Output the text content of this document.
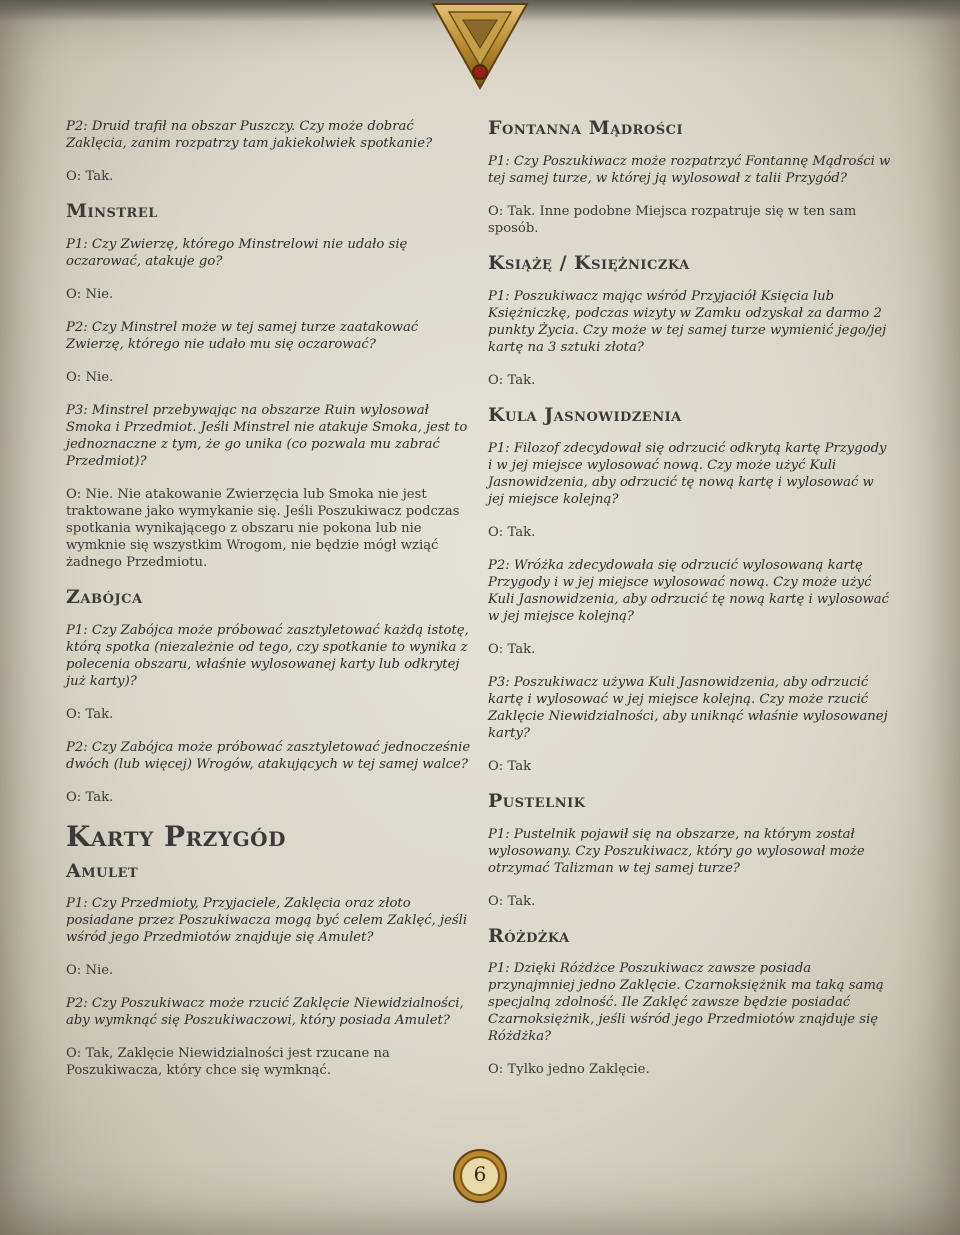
P2: Druid trafił na obszar Puszczy. Czy może dobrać Zaklęcia, zanim rozpatrzy tam jakiekolwiek spotkanie?

O: Tak.

Minstrel

P1: Czy Zwierzę, którego Minstrelowi nie udało się oczarować, atakuje go?

O: Nie.

P2: Czy Minstrel może w tej samej turze zaatakować Zwierzę, którego nie udało mu się oczarować?

O: Nie.

P3: Minstrel przebywając na obszarze Ruin wylosował Smoka i Przedmiot. Jeśli Minstrel nie atakuje Smoka, jest to jednoznaczne z tym, że go unika (co pozwala mu zabrać Przedmiot)?

O: Nie. Nie atakowanie Zwierzęcia lub Smoka nie jest traktowane jako wymykanie się. Jeśli Poszukiwacz podczas spotkania wynikającego z obszaru nie pokona lub nie wymknie się wszystkim Wrogom, nie będzie mógł wziąć żadnego Przedmiotu.

Zabójca

P1: Czy Zabójca może próbować zasztyletować każdą istotę, którą spotka (niezależnie od tego, czy spotkanie to wynika z polecenia obszaru, właśnie wylosowanej karty lub odkrytej już karty)?

O: Tak.

P2: Czy Zabójca może próbować zasztyletować jednocześnie dwóch (lub więcej) Wrogów, atakujących w tej samej walce?

O: Tak.

Karty Przygód
Amulet

P1: Czy Przedmioty, Przyjaciele, Zaklęcia oraz złoto posiadane przez Poszukiwacza mogą być celem Zaklęć, jeśli wśród jego Przedmiotów znajduje się Amulet?

O: Nie.

P2: Czy Poszukiwacz może rzucić Zaklęcie Niewidzialności, aby wymknąć się Poszukiwaczowi, który posiada Amulet?

O: Tak, Zaklęcie Niewidzialności jest rzucane na Poszukiwacza, który chce się wymknąć.

Fontanna Mądrości

P1: Czy Poszukiwacz może rozpatrzyć Fontannę Mądrości w tej samej turze, w której ją wylosował z talii Przygód?

O: Tak. Inne podobne Miejsca rozpatruje się w ten sam sposób.

Książę / Księżniczka

P1: Poszukiwacz mając wśród Przyjaciół Księcia lub Księżniczkę, podczas wizyty w Zamku odzyskał za darmo 2 punkty Życia. Czy może w tej samej turze wymienić jego/jej kartę na 3 sztuki złota?

O: Tak.

Kula Jasnowidzenia

P1: Filozof zdecydował się odrzucić odkrytą kartę Przygody i w jej miejsce wylosować nową. Czy może użyć Kuli Jasnowidzenia, aby odrzucić tę nową kartę i wylosować w jej miejsce kolejną?

O: Tak.

P2: Wróżka zdecydowała się odrzucić wylosowaną kartę Przygody i w jej miejsce wylosować nową. Czy może użyć Kuli Jasnowidzenia, aby odrzucić tę nową kartę i wylosować w jej miejsce kolejną?

O: Tak.

P3: Poszukiwacz używa Kuli Jasnowidzenia, aby odrzucić kartę i wylosować w jej miejsce kolejną. Czy może rzucić Zaklęcie Niewidzialności, aby uniknąć właśnie wylosowanej karty?

O: Tak

Pustelnik

P1: Pustelnik pojawił się na obszarze, na którym został wylosowany. Czy Poszukiwacz, który go wylosował może otrzymać Talizman w tej samej turze?

O: Tak.

Różdżka

P1: Dzięki Różdżce Poszukiwacz zawsze posiada przynajmniej jedno Zaklęcie. Czarnoksiężnik ma taką samą specjalną zdolność. Ile Zaklęć zawsze będzie posiadać Czarnoksiężnik, jeśli wśród jego Przedmiotów znajduje się Różdżka?

O: Tylko jedno Zaklęcie.

6
